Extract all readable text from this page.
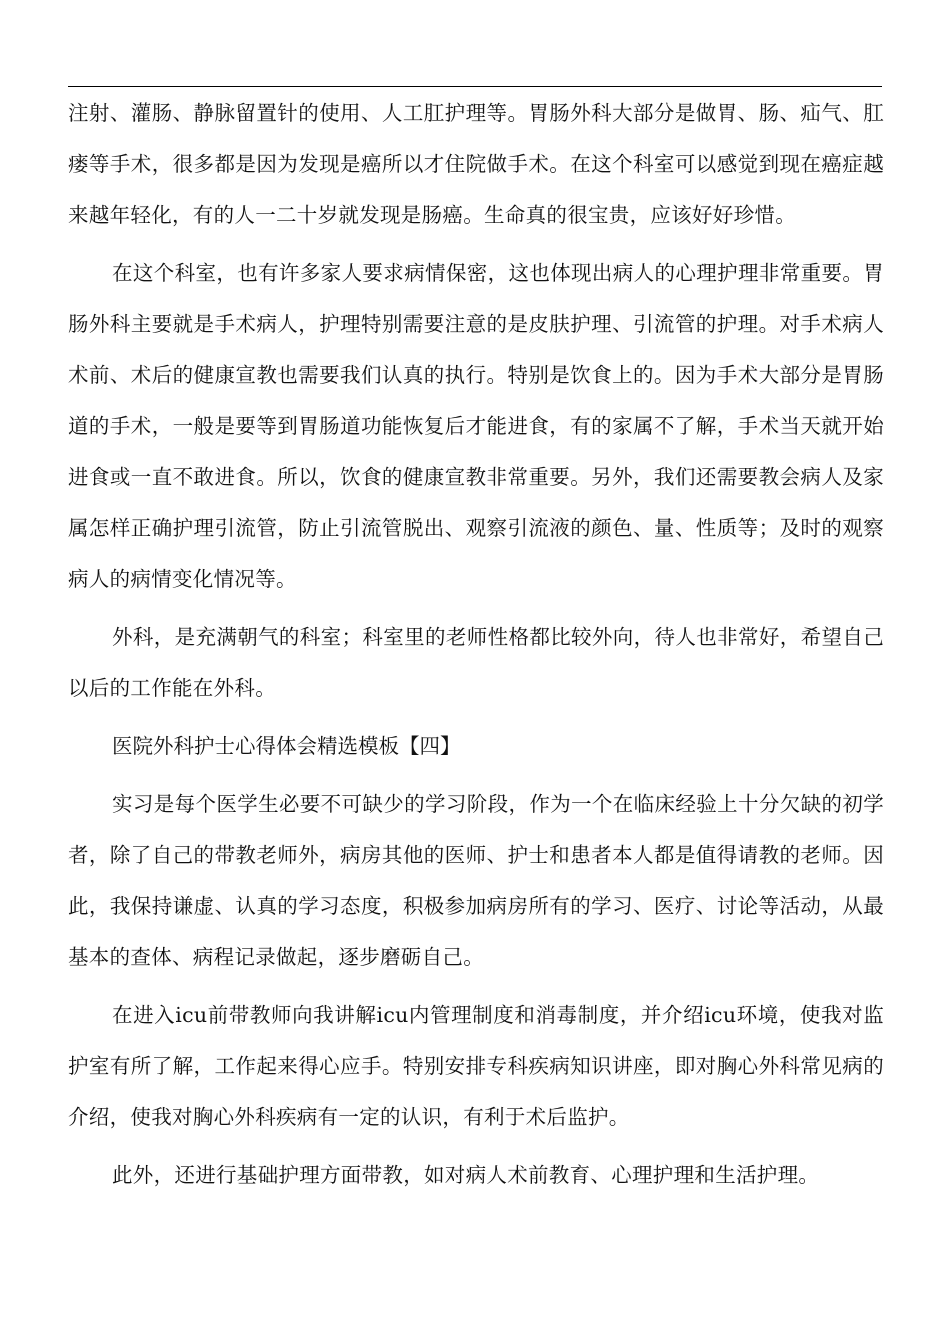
注射、灌肠、静脉留置针的使用、人工肛护理等。胃肠外科大部分是做胃、肠、疝气、肛瘘等手术，很多都是因为发现是癌所以才住院做手术。在这个科室可以感觉到现在癌症越来越年轻化，有的人一二十岁就发现是肠癌。生命真的很宝贵，应该好好珍惜。

在这个科室，也有许多家人要求病情保密，这也体现出病人的心理护理非常重要。胃肠外科主要就是手术病人，护理特别需要注意的是皮肤护理、引流管的护理。对手术病人术前、术后的健康宣教也需要我们认真的执行。特别是饮食上的。因为手术大部分是胃肠道的手术，一般是要等到胃肠道功能恢复后才能进食，有的家属不了解，手术当天就开始进食或一直不敢进食。所以，饮食的健康宣教非常重要。另外，我们还需要教会病人及家属怎样正确护理引流管，防止引流管脱出、观察引流液的颜色、量、性质等；及时的观察病人的病情变化情况等。

外科，是充满朝气的科室；科室里的老师性格都比较外向，待人也非常好，希望自己以后的工作能在外科。

医院外科护士心得体会精选模板【四】

实习是每个医学生必要不可缺少的学习阶段，作为一个在临床经验上十分欠缺的初学者，除了自己的带教老师外，病房其他的医师、护士和患者本人都是值得请教的老师。因此，我保持谦虚、认真的学习态度，积极参加病房所有的学习、医疗、讨论等活动，从最基本的查体、病程记录做起，逐步磨砺自己。

在进入icu前带教师向我讲解icu内管理制度和消毒制度，并介绍icu环境，使我对监护室有所了解，工作起来得心应手。特别安排专科疾病知识讲座，即对胸心外科常见病的介绍，使我对胸心外科疾病有一定的认识，有利于术后监护。

此外，还进行基础护理方面带教，如对病人术前教育、心理护理和生活护理。
